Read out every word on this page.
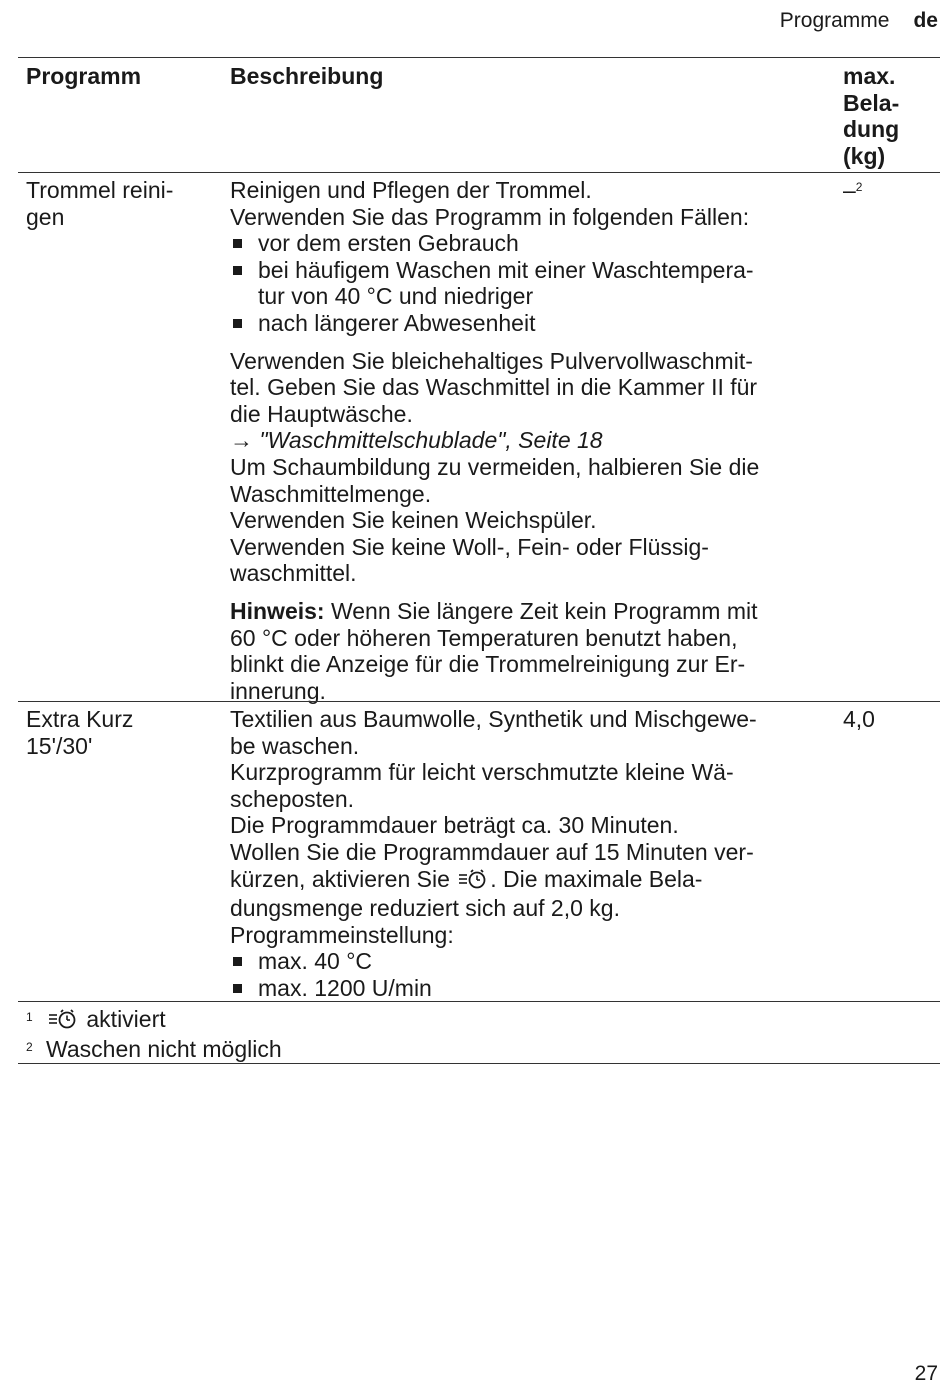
Programme de
Programm	Beschreibung	max.
Bela-
dung
(kg)
Trommel reini-
gen
Reinigen und Pflegen der Trommel.
Verwenden Sie das Programm in folgenden Fällen:
vor dem ersten Gebrauch
bei häufigem Waschen mit einer Waschtempera-
tur von 40 °C und niedriger
nach längerer Abwesenheit
Verwenden Sie bleichehaltiges Pulvervollwaschmit-
tel. Geben Sie das Waschmittel in die Kammer II für
die Hauptwäsche.
→ "Waschmittelschublade", Seite 18
Um Schaumbildung zu vermeiden, halbieren Sie die
Waschmittelmenge.
Verwenden Sie keinen Weichspüler.
Verwenden Sie keine Woll-, Fein- oder Flüssig-
waschmittel.
Hinweis: Wenn Sie längere Zeit kein Programm mit
60 °C oder höheren Temperaturen benutzt haben,
blinkt die Anzeige für die Trommelreinigung zur Er-
innerung.
–$^2$
Extra Kurz
15'/30'
Textilien aus Baumwolle, Synthetik und Mischgewe-
be waschen.
Kurzprogramm für leicht verschmutzte kleine Wä-
scheposten.
Die Programmdauer beträgt ca. 30 Minuten.
Wollen Sie die Programmdauer auf 15 Minuten ver-
kürzen, aktivieren Sie . Die maximale Bela-
dungsmenge reduziert sich auf 2,0 kg.
Programmeinstellung:
max. 40 °C
max. 1200 U/min
4,0
1 aktiviert
2 Waschen nicht möglich
27
